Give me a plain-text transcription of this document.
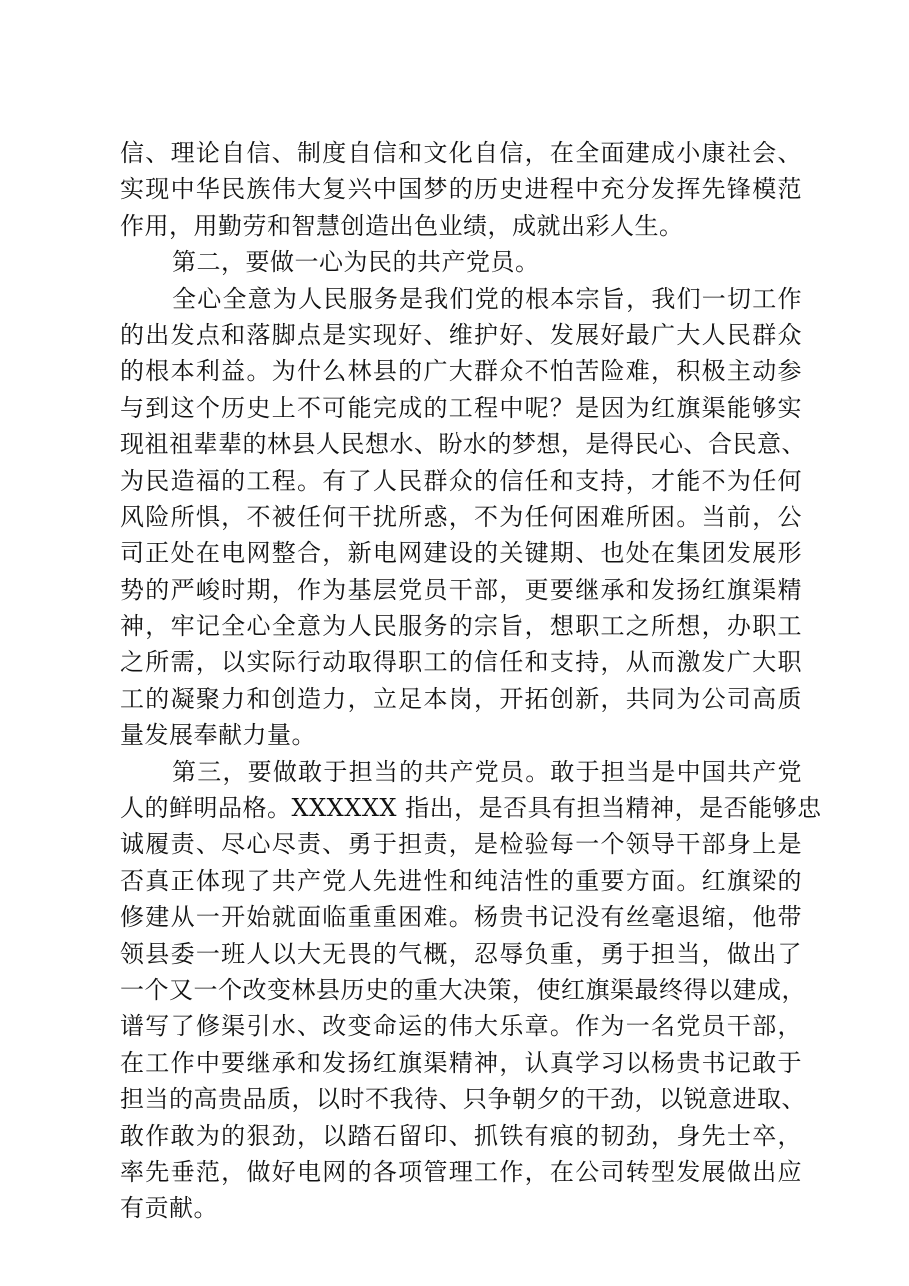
信、理论自信、制度自信和文化自信，在全面建成小康社会、
实现中华民族伟大复兴中国梦的历史进程中充分发挥先锋模范
作用，用勤劳和智慧创造出色业绩，成就出彩人生。
第二，要做一心为民的共产党员。
全心全意为人民服务是我们党的根本宗旨，我们一切工作
的出发点和落脚点是实现好、维护好、发展好最广大人民群众
的根本利益。为什么林县的广大群众不怕苦险难，积极主动参
与到这个历史上不可能完成的工程中呢？是因为红旗渠能够实
现祖祖辈辈的林县人民想水、盼水的梦想，是得民心、合民意、
为民造福的工程。有了人民群众的信任和支持，才能不为任何
风险所惧，不被任何干扰所惑，不为任何困难所困。当前，公
司正处在电网整合，新电网建设的关键期、也处在集团发展形
势的严峻时期，作为基层党员干部，更要继承和发扬红旗渠精
神，牢记全心全意为人民服务的宗旨，想职工之所想，办职工
之所需，以实际行动取得职工的信任和支持，从而激发广大职
工的凝聚力和创造力，立足本岗，开拓创新，共同为公司高质
量发展奉献力量。
第三，要做敢于担当的共产党员。敢于担当是中国共产党
人的鲜明品格。XXXXXX 指出，是否具有担当精神，是否能够忠
诚履责、尽心尽责、勇于担责，是检验每一个领导干部身上是
否真正体现了共产党人先进性和纯洁性的重要方面。红旗梁的
修建从一开始就面临重重困难。杨贵书记没有丝毫退缩，他带
领县委一班人以大无畏的气概，忍辱负重，勇于担当，做出了
一个又一个改变林县历史的重大决策，使红旗渠最终得以建成，
谱写了修渠引水、改变命运的伟大乐章。作为一名党员干部，
在工作中要继承和发扬红旗渠精神，认真学习以杨贵书记敢于
担当的高贵品质，以时不我待、只争朝夕的干劲，以锐意进取、
敢作敢为的狠劲，以踏石留印、抓铁有痕的韧劲，身先士卒，
率先垂范，做好电网的各项管理工作，在公司转型发展做出应
有贡献。
